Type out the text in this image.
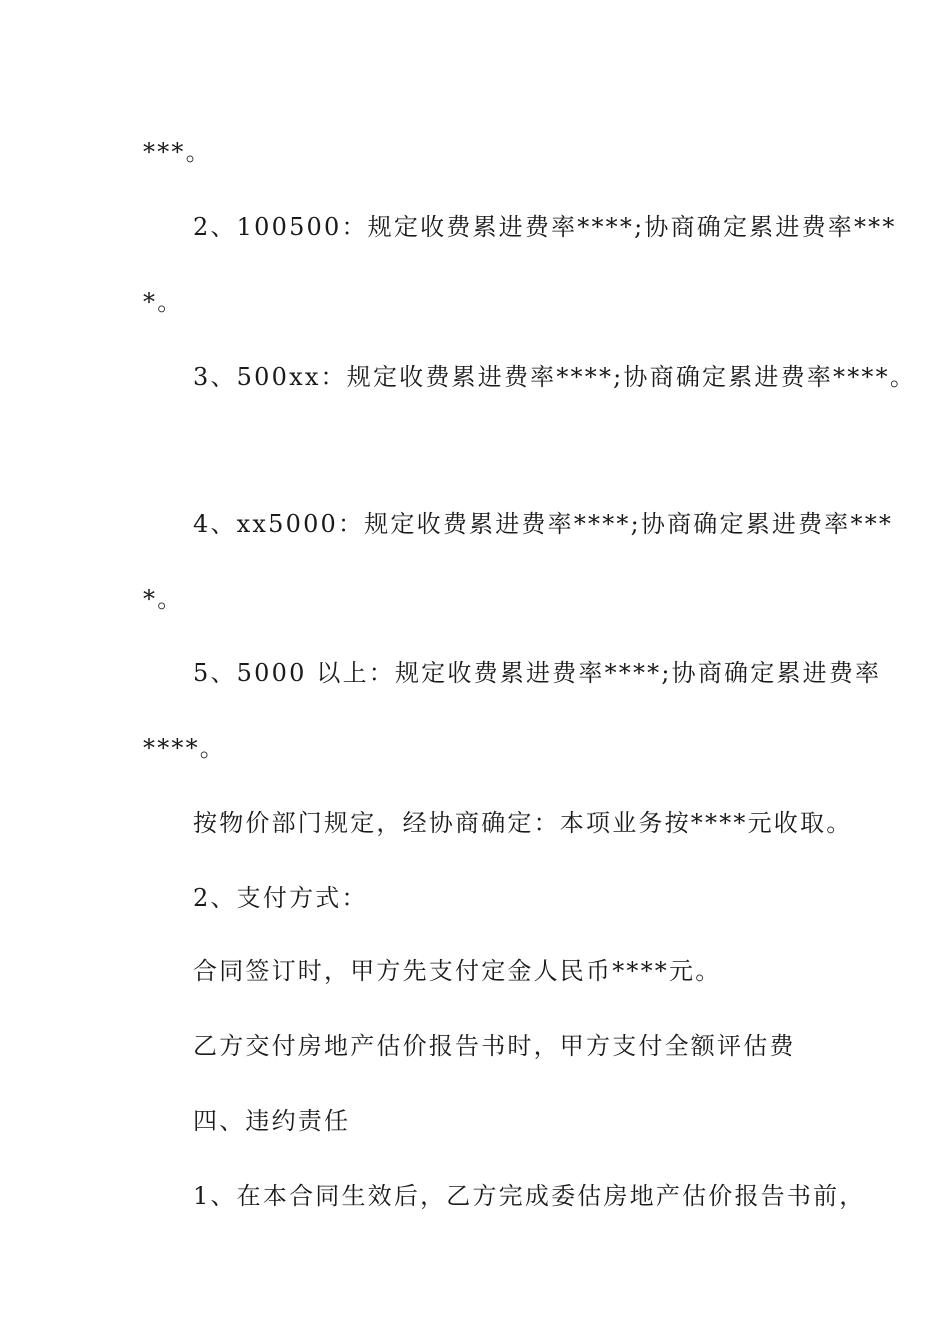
***。
2、100500：规定收费累进费率****;协商确定累进费率***
*。
3、500xx：规定收费累进费率****;协商确定累进费率****。
4、xx5000：规定收费累进费率****;协商确定累进费率***
*。
5、5000 以上：规定收费累进费率****;协商确定累进费率
****。
按物价部门规定，经协商确定：本项业务按****元收取。
2、支付方式：
合同签订时，甲方先支付定金人民币****元。
乙方交付房地产估价报告书时，甲方支付全额评估费
四、违约责任
1、在本合同生效后，乙方完成委估房地产估价报告书前，
